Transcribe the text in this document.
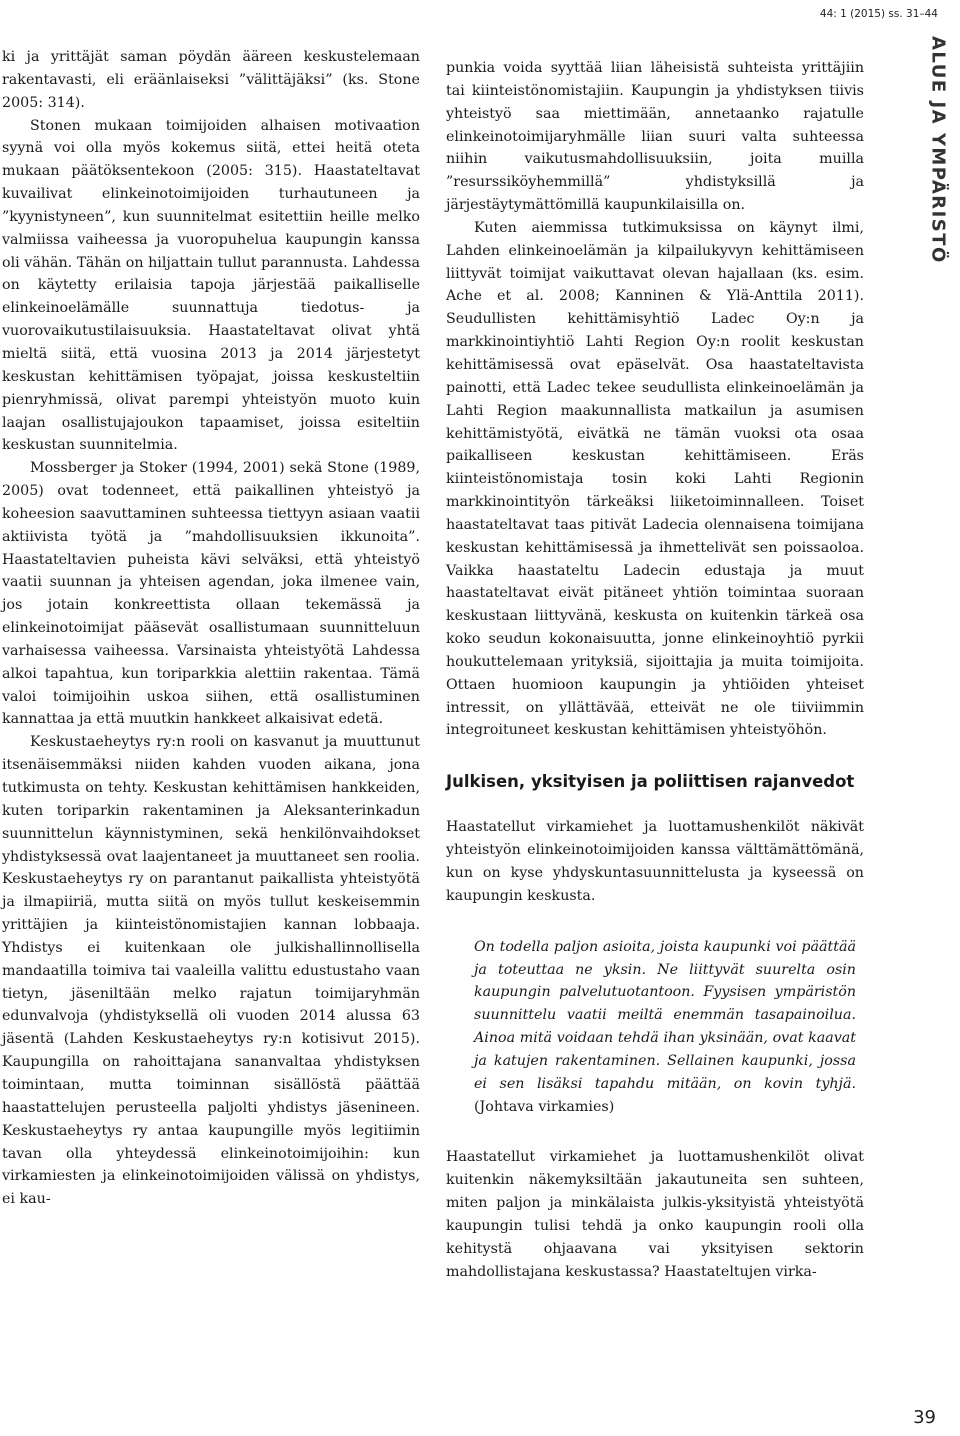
44: 1 (2015) ss. 31–44
ALUE JA YMPÄRISTÖ

ki ja yrittäjät saman pöydän ääreen keskustelemaan rakentavasti, eli eräänlaiseksi ”välittäjäksi” (ks. Stone 2005: 314).

Stonen mukaan toimijoiden alhaisen motivaation syynä voi olla myös kokemus siitä, ettei heitä oteta mukaan päätöksentekoon (2005: 315). Haastateltavat kuvailivat elinkeinotoimijoiden turhautuneen ja ”kyynistyneen”, kun suunnitelmat esitettiin heille melko valmiissa vaiheessa ja vuoropuhelua kaupungin kanssa oli vähän. Tähän on hiljattain tullut parannusta. Lahdessa on käytetty erilaisia tapoja järjestää paikalliselle elinkeinoelämälle suunnattuja tiedotus- ja vuorovaikutustilaisuuksia. Haastateltavat olivat yhtä mieltä siitä, että vuosina 2013 ja 2014 järjestetyt keskustan kehittämisen työpajat, joissa keskusteltiin pienryhmissä, olivat parempi yhteistyön muoto kuin laajan osallistujajoukon tapaamiset, joissa esiteltiin keskustan suunnitelmia.

Mossberger ja Stoker (1994, 2001) sekä Stone (1989, 2005) ovat todenneet, että paikallinen yhteistyö ja koheesion saavuttaminen suhteessa tiettyyn asiaan vaatii aktiivista työtä ja ”mahdollisuuksien ikkunoita”. Haastateltavien puheista kävi selväksi, että yhteistyö vaatii suunnan ja yhteisen agendan, joka ilmenee vain, jos jotain konkreettista ollaan tekemässä ja elinkeinotoimijat pääsevät osallistumaan suunnitteluun varhaisessa vaiheessa. Varsinaista yhteistyötä Lahdessa alkoi tapahtua, kun toriparkkia alettiin rakentaa. Tämä valoi toimijoihin uskoa siihen, että osallistuminen kannattaa ja että muutkin hankkeet alkaisivat edetä.

Keskustaeheytys ry:n rooli on kasvanut ja muuttunut itsenäisemmäksi niiden kahden vuoden aikana, jona tutkimusta on tehty. Keskustan kehittämisen hankkeiden, kuten toriparkin rakentaminen ja Aleksanterinkadun suunnittelun käynnistyminen, sekä henkilönvaihdokset yhdistyksessä ovat laajentaneet ja muuttaneet sen roolia. Keskustaeheytys ry on parantanut paikallista yhteistyötä ja ilmapiiriä, mutta siitä on myös tullut keskeisemmin yrittäjien ja kiinteistönomistajien kannan lobbaaja. Yhdistys ei kuitenkaan ole julkishallinnollisella mandaatilla toimiva tai vaaleilla valittu edustustaho vaan tietyn, jäseniltään melko rajatun toimijaryhmän edunvalvoja (yhdistyksellä oli vuoden 2014 alussa 63 jäsentä (Lahden Keskustaeheytys ry:n kotisivut 2015). Kaupungilla on rahoittajana sananvaltaa yhdistyksen toimintaan, mutta toiminnan sisällöstä päättää haastattelujen perusteella paljolti yhdistys jäsenineen. Keskustaeheytys ry antaa kaupungille myös legitiimin tavan olla yhteydessä elinkeinotoimijoihin: kun virkamiesten ja elinkeinotoimijoiden välissä on yhdistys, ei kau-

punkia voida syyttää liian läheisistä suhteista yrittäjiin tai kiinteistönomistajiin. Kaupungin ja yhdistyksen tiivis yhteistyö saa miettimään, annetaanko rajatulle elinkeinotoimijaryhmälle liian suuri valta suhteessa niihin vaikutusmahdollisuuksiin, joita muilla ”resurssiköyhemmillä” yhdistyksillä ja järjestäytymättömillä kaupunkilaisilla on.

Kuten aiemmissa tutkimuksissa on käynyt ilmi, Lahden elinkeinoelämän ja kilpailukyvyn kehittämiseen liittyvät toimijat vaikuttavat olevan hajallaan (ks. esim. Ache et al. 2008; Kanninen & Ylä-Anttila 2011). Seudullisten kehittämisyhtiö Ladec Oy:n ja markkinointiyhtiö Lahti Region Oy:n roolit keskustan kehittämisessä ovat epäselvät. Osa haastateltavista painotti, että Ladec tekee seudullista elinkeinoelämän ja Lahti Region maakunnallista matkailun ja asumisen kehittämistyötä, eivätkä ne tämän vuoksi ota osaa paikalliseen keskustan kehittämiseen. Eräs kiinteistönomistaja tosin koki Lahti Regionin markkinointityön tärkeäksi liiketoiminnalleen. Toiset haastateltavat taas pitivät Ladecia olennaisena toimijana keskustan kehittämisessä ja ihmettelivät sen poissaoloa. Vaikka haastateltu Ladecin edustaja ja muut haastateltavat eivät pitäneet yhtiön toimintaa suoraan keskustaan liittyvänä, keskusta on kuitenkin tärkeä osa koko seudun kokonaisuutta, jonne elinkeinoyhtiö pyrkii houkuttelemaan yrityksiä, sijoittajia ja muita toimijoita. Ottaen huomioon kaupungin ja yhtiöiden yhteiset intressit, on yllättävää, etteivät ne ole tiiviimmin integroituneet keskustan kehittämisen yhteistyöhön.

Julkisen, yksityisen ja poliittisen rajanvedot

Haastatellut virkamiehet ja luottamushenkilöt näkivät yhteistyön elinkeinotoimijoiden kanssa välttämättömänä, kun on kyse yhdyskuntasuunnittelusta ja kyseessä on kaupungin keskusta.

On todella paljon asioita, joista kaupunki voi päättää ja toteuttaa ne yksin. Ne liittyvät suurelta osin kaupungin palvelutuotantoon. Fyysisen ympäristön suunnittelu vaatii meiltä enemmän tasapainoilua. Ainoa mitä voidaan tehdä ihan yksinään, ovat kaavat ja katujen rakentaminen. Sellainen kaupunki, jossa ei sen lisäksi tapahdu mitään, on kovin tyhjä. (Johtava virkamies)

Haastatellut virkamiehet ja luottamushenkilöt olivat kuitenkin näkemyksiltään jakautuneita sen suhteen, miten paljon ja minkälaista julkis-yksityistä yhteistyötä kaupungin tulisi tehdä ja onko kaupungin rooli olla kehitystä ohjaavana vai yksityisen sektorin mahdollistajana keskustassa? Haastateltujen virka-

39
